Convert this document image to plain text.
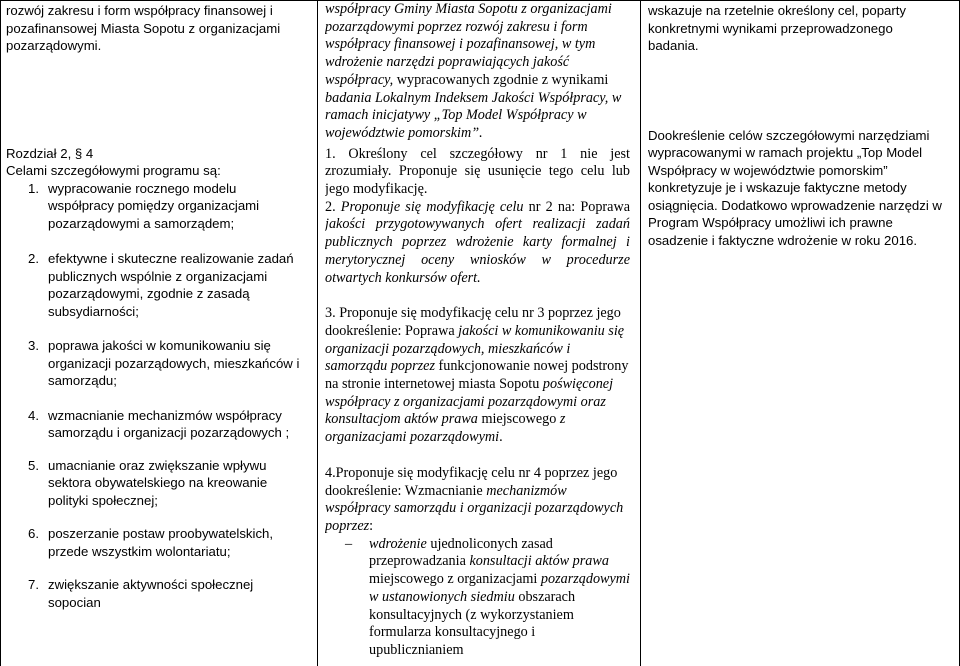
rozwój zakresu i form współpracy finansowej i pozafinansowej Miasta Sopotu z organizacjami pozarządowymi.

Rozdział 2, § 4

Celami szczegółowymi programu są:

1. wypracowanie rocznego modelu współpracy pomiędzy organizacjami pozarządowymi a samorządem;
2. efektywne i skuteczne realizowanie zadań publicznych wspólnie z organizacjami pozarządowymi, zgodnie z zasadą subsydiarności;
3. poprawa jakości w komunikowaniu się organizacji pozarządowych, mieszkańców i samorządu;
4. wzmacnianie mechanizmów współpracy samorządu i organizacji pozarządowych ;
5. umacnianie oraz zwiększanie wpływu sektora obywatelskiego na kreowanie polityki społecznej;
6. poszerzanie postaw proobywatelskich, przede wszystkim wolontariatu;
7. zwiększanie aktywności społecznej sopocian

współpracy Gminy Miasta Sopotu z organizacjami pozarządowymi poprzez rozwój zakresu i form współpracy finansowej i pozafinansowej, w tym wdrożenie narzędzi poprawiających jakość współpracy, wypracowanych zgodnie z wynikami badania Lokalnym Indeksem Jakości Współpracy, w ramach inicjatywy „Top Model Współpracy w województwie pomorskim”.

1. Określony cel szczegółowy nr 1 nie jest zrozumiały. Proponuje się usunięcie tego celu lub jego modyfikację.

2. Proponuje się modyfikację celu nr 2 na: Poprawa jakości przygotowywanych ofert realizacji zadań publicznych poprzez wdrożenie karty formalnej i merytorycznej oceny wniosków w procedurze otwartych konkursów ofert.

3. Proponuje się modyfikację celu nr 3 poprzez jego dookreślenie: Poprawa jakości w komunikowaniu się organizacji pozarządowych, mieszkańców i samorządu poprzez funkcjonowanie nowej podstrony na stronie internetowej miasta Sopotu poświęconej współpracy z organizacjami pozarządowymi oraz konsultacjom aktów prawa miejscowego z organizacjami pozarządowymi.

4.Proponuje się modyfikację celu nr 4 poprzez jego dookreślenie: Wzmacnianie mechanizmów współpracy samorządu i organizacji pozarządowych poprzez:

– wdrożenie ujednoliconych zasad przeprowadzania konsultacji aktów prawa miejscowego z organizacjami pozarządowymi w ustanowionych siedmiu obszarach konsultacyjnych (z wykorzystaniem formularza konsultacyjnego i upublicznianiem

wskazuje na rzetelnie określony cel, poparty konkretnymi wynikami przeprowadzonego badania.

Dookreślenie celów szczegółowymi narzędziami wypracowanymi w ramach projektu „Top Model Współpracy w województwie pomorskim” konkretyzuje je i wskazuje faktyczne metody osiągnięcia. Dodatkowo wprowadzenie narzędzi w Program Współpracy umożliwi ich prawne osadzenie i faktyczne wdrożenie w roku 2016.
